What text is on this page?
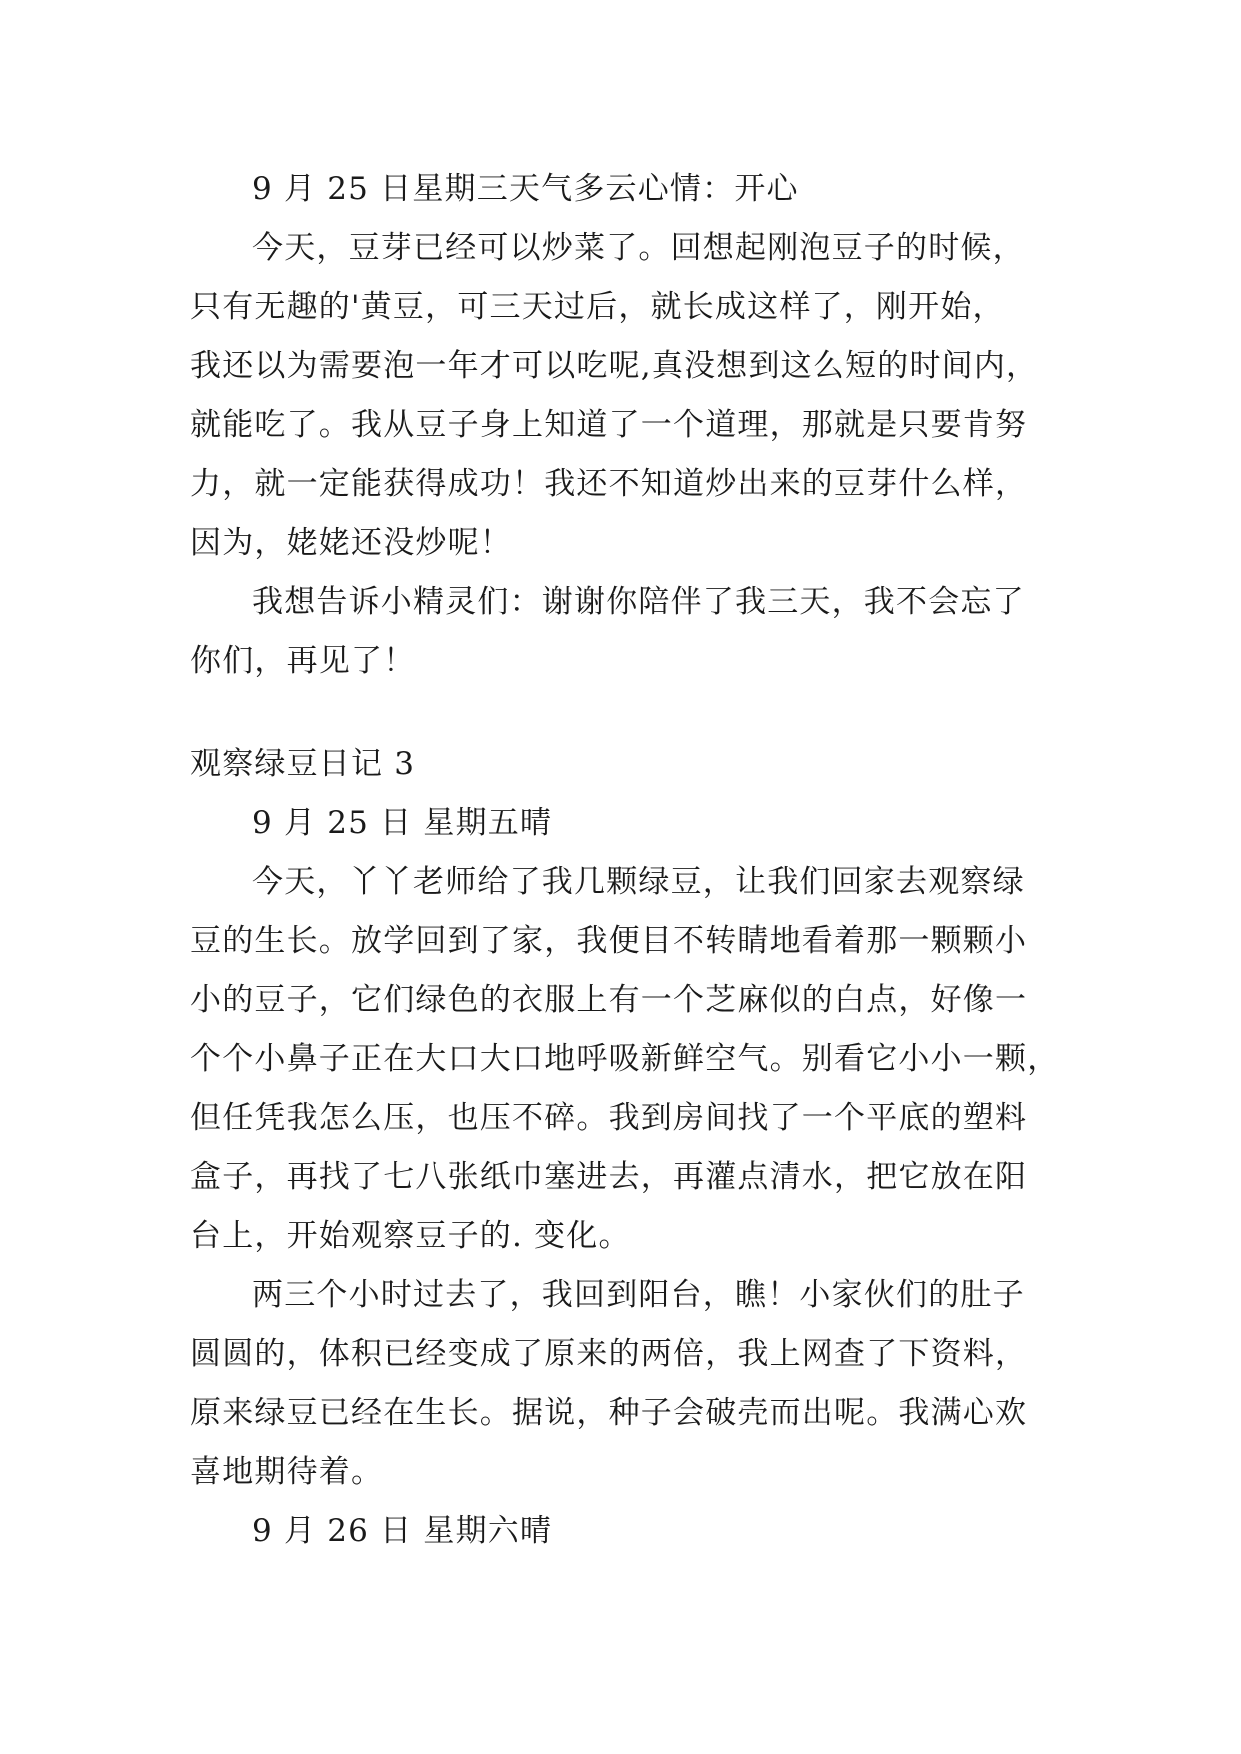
9 月 25 日星期三天气多云心情：开心
今天，豆芽已经可以炒菜了。回想起刚泡豆子的时候，
只有无趣的'黄豆，可三天过后，就长成这样了，刚开始，
我还以为需要泡一年才可以吃呢,真没想到这么短的时间内，
就能吃了。我从豆子身上知道了一个道理，那就是只要肯努
力，就一定能获得成功！我还不知道炒出来的豆芽什么样，
因为，姥姥还没炒呢！
我想告诉小精灵们：谢谢你陪伴了我三天，我不会忘了
你们，再见了！
观察绿豆日记 3
9 月 25 日 星期五晴
今天，丫丫老师给了我几颗绿豆，让我们回家去观察绿
豆的生长。放学回到了家，我便目不转睛地看着那一颗颗小
小的豆子，它们绿色的衣服上有一个芝麻似的白点，好像一
个个小鼻子正在大口大口地呼吸新鲜空气。别看它小小一颗，
但任凭我怎么压，也压不碎。我到房间找了一个平底的塑料
盒子，再找了七八张纸巾塞进去，再灌点清水，把它放在阳
台上，开始观察豆子的. 变化。
两三个小时过去了，我回到阳台，瞧！小家伙们的肚子
圆圆的，体积已经变成了原来的两倍，我上网查了下资料，
原来绿豆已经在生长。据说，种子会破壳而出呢。我满心欢
喜地期待着。
9 月 26 日 星期六晴
